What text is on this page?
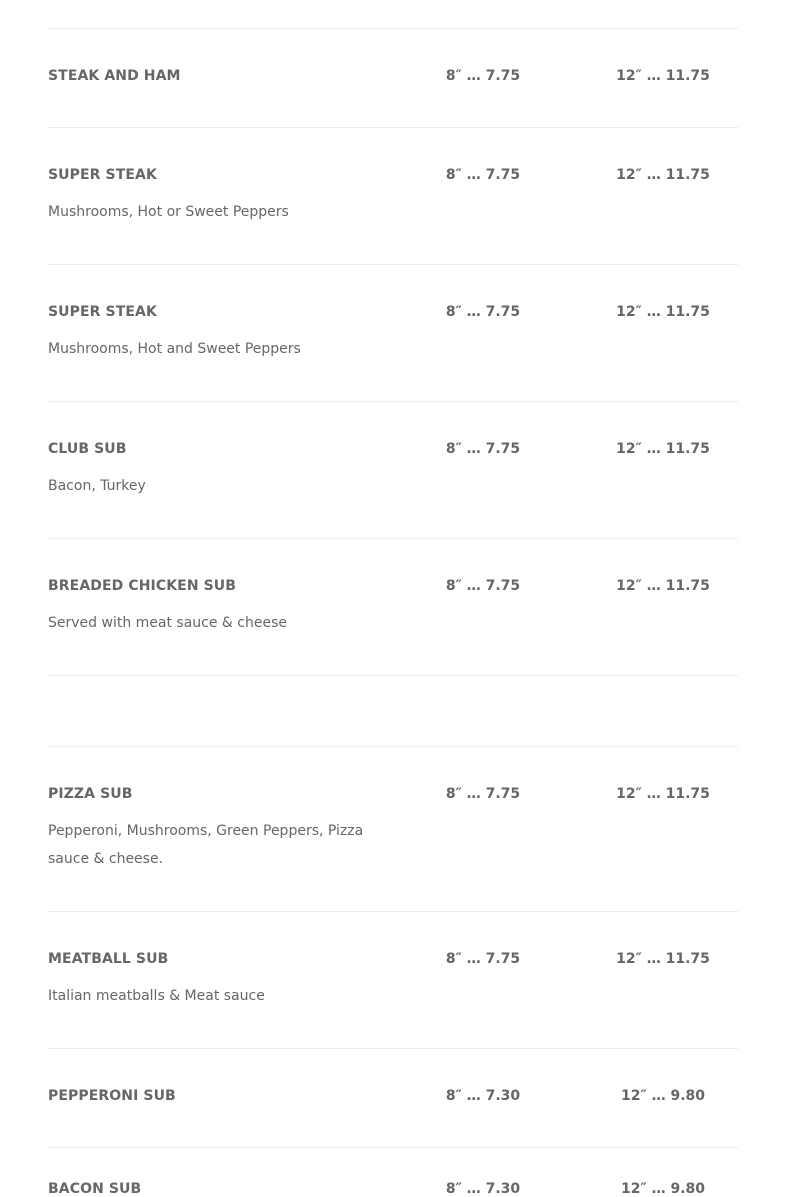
STEAK AND HAM	8″ … 7.75	12″ … 11.75
SUPER STEAK	8″ … 7.75	12″ … 11.75
Mushrooms, Hot or Sweet Peppers
SUPER STEAK	8″ … 7.75	12″ … 11.75
Mushrooms, Hot and Sweet Peppers
CLUB SUB	8″ … 7.75	12″ … 11.75
Bacon, Turkey
BREADED CHICKEN SUB	8″ … 7.75	12″ … 11.75
Served with meat sauce & cheese
PIZZA SUB	8″ … 7.75	12″ … 11.75
Pepperoni, Mushrooms, Green Peppers, Pizza sauce & cheese.
MEATBALL SUB	8″ … 7.75	12″ … 11.75
Italian meatballs & Meat sauce
PEPPERONI SUB	8″ … 7.30	12″ … 9.80
BACON SUB	8″ … 7.30	12″ … 9.80
